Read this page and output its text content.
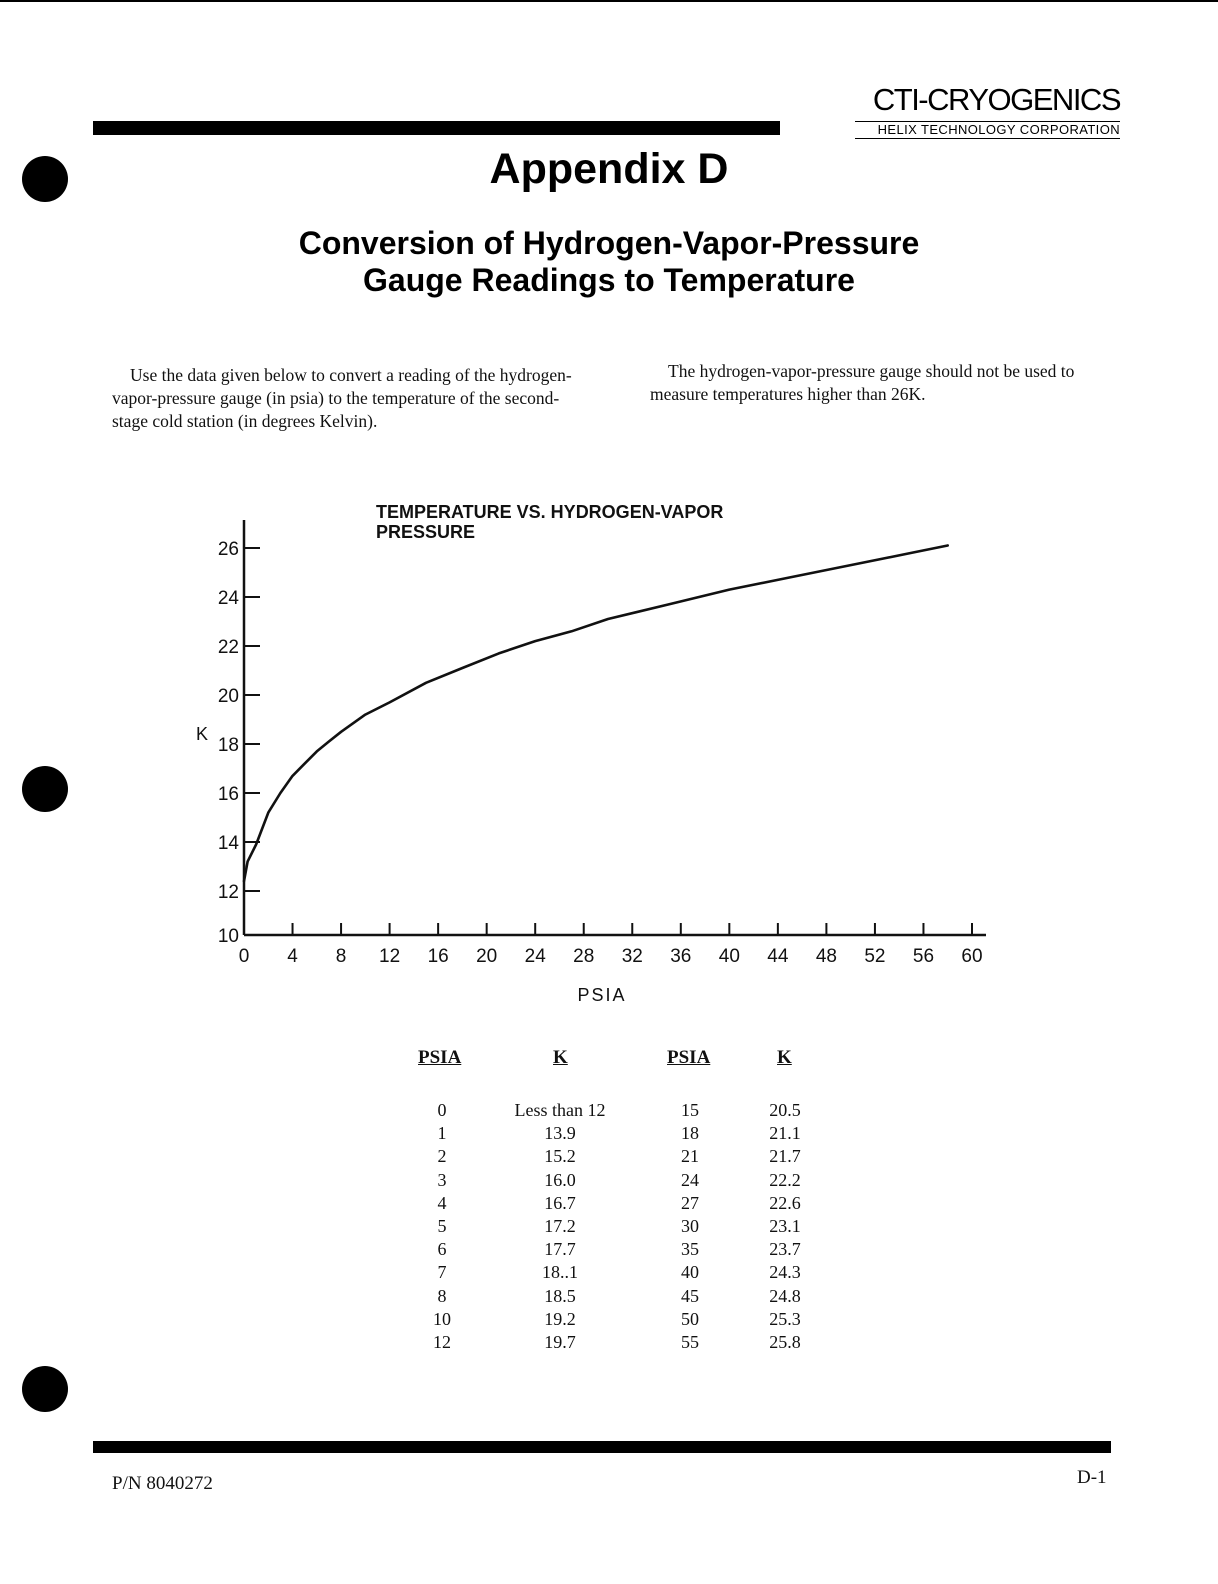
CTI-CRYOGENICS
HELIX TECHNOLOGY CORPORATION
Appendix D
Conversion of Hydrogen-Vapor-Pressure
Gauge Readings to Temperature
Use the data given below to convert a reading of the hydrogen-vapor-pressure gauge (in psia) to the temperature of the second-stage cold station (in degrees Kelvin).
The hydrogen-vapor-pressure gauge should not be used to measure temperatures higher than 26K.
TEMPERATURE VS. HYDROGEN-VAPOR
PRESSURE
K
PSIA
10
12
14
16
18
20
22
24
26
0 4 8 12 16 20 24 28 32 36 40 44 48 52 56 60
PSIA	K	PSIA	K
0	Less than 12	15	20.5
1	13.9	18	21.1
2	15.2	21	21.7
3	16.0	24	22.2
4	16.7	27	22.6
5	17.2	30	23.1
6	17.7	35	23.7
7	18..1	40	24.3
8	18.5	45	24.8
10	19.2	50	25.3
12	19.7	55	25.8
P/N 8040272	D-1
